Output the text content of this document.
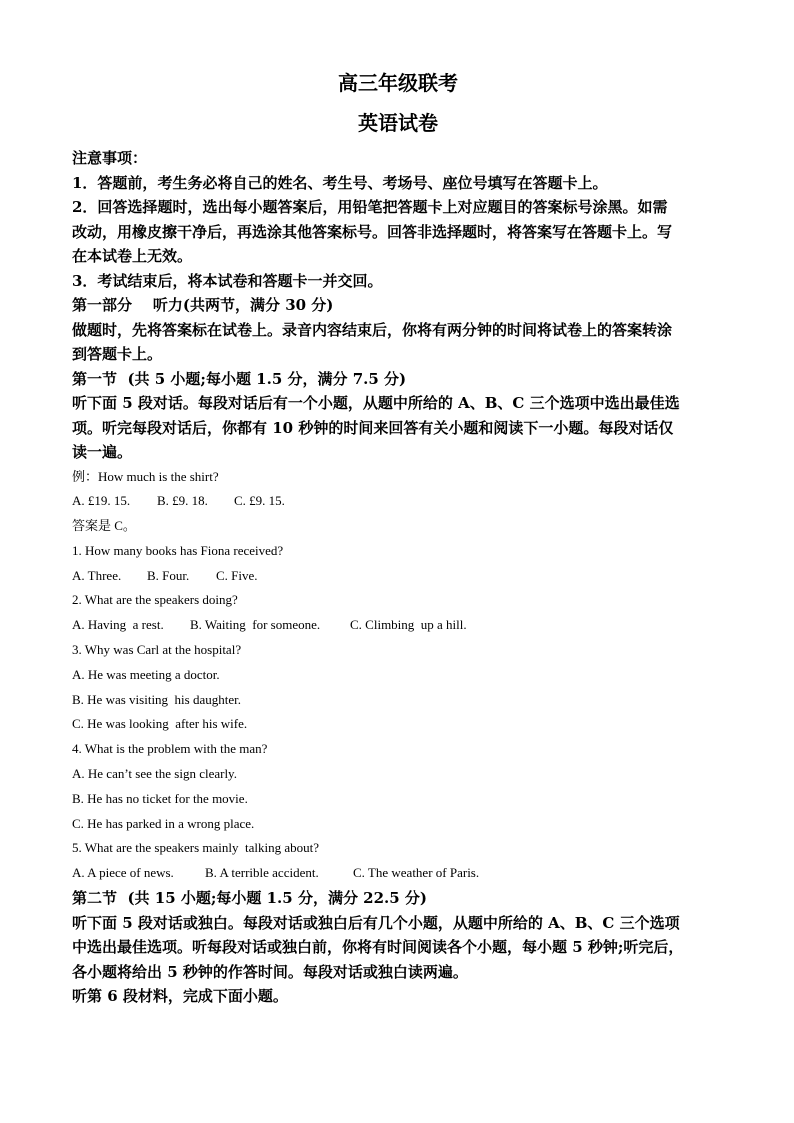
高三年级联考

英语试卷

注意事项：

1．答题前，考生务必将自己的姓名、考生号、考场号、座位号填写在答题卡上。

2．回答选择题时，选出每小题答案后，用铅笔把答题卡上对应题目的答案标号涂黑。如需

改动，用橡皮擦干净后，再选涂其他答案标号。回答非选择题时，将答案写在答题卡上。写

在本试卷上无效。

3．考试结束后，将本试卷和答题卡一并交回。

第一部分    听力(共两节，满分 30 分)

做题时，先将答案标在试卷上。录音内容结束后，你将有两分钟的时间将试卷上的答案转涂

到答题卡上。

第一节  (共 5 小题;每小题 1.5 分，满分 7.5 分)

听下面 5 段对话。每段对话后有一个小题，从题中所给的 A、B、C 三个选项中选出最佳选

项。听完每段对话后，你都有 10 秒钟的时间来回答有关小题和阅读下一小题。每段对话仅

读一遍。

例：How much is the shirt?

A. £19. 15. B. £9. 18. C. £9. 15.

答案是 C。

1. How many books has Fiona received?

A. Three. B. Four. C. Five.

2. What are the speakers doing?

A. Having  a rest. B. Waiting  for someone. C. Climbing  up a hill.

3. Why was Carl at the hospital?

A. He was meeting a doctor.

B. He was visiting  his daughter.

C. He was looking  after his wife.

4. What is the problem with the man?

A. He can’t see the sign clearly.

B. He has no ticket for the movie.

C. He has parked in a wrong place.

5. What are the speakers mainly  talking about?

A. A piece of news. B. A terrible accident.	C. The weather of Paris.

第二节  (共 15 小题;每小题 1.5 分，满分 22.5 分)

听下面 5 段对话或独白。每段对话或独白后有几个小题，从题中所给的 A、B、C 三个选项

中选出最佳选项。听每段对话或独白前，你将有时间阅读各个小题，每小题 5 秒钟;听完后，

各小题将给出 5 秒钟的作答时间。每段对话或独白读两遍。

听第 6 段材料，完成下面小题。
